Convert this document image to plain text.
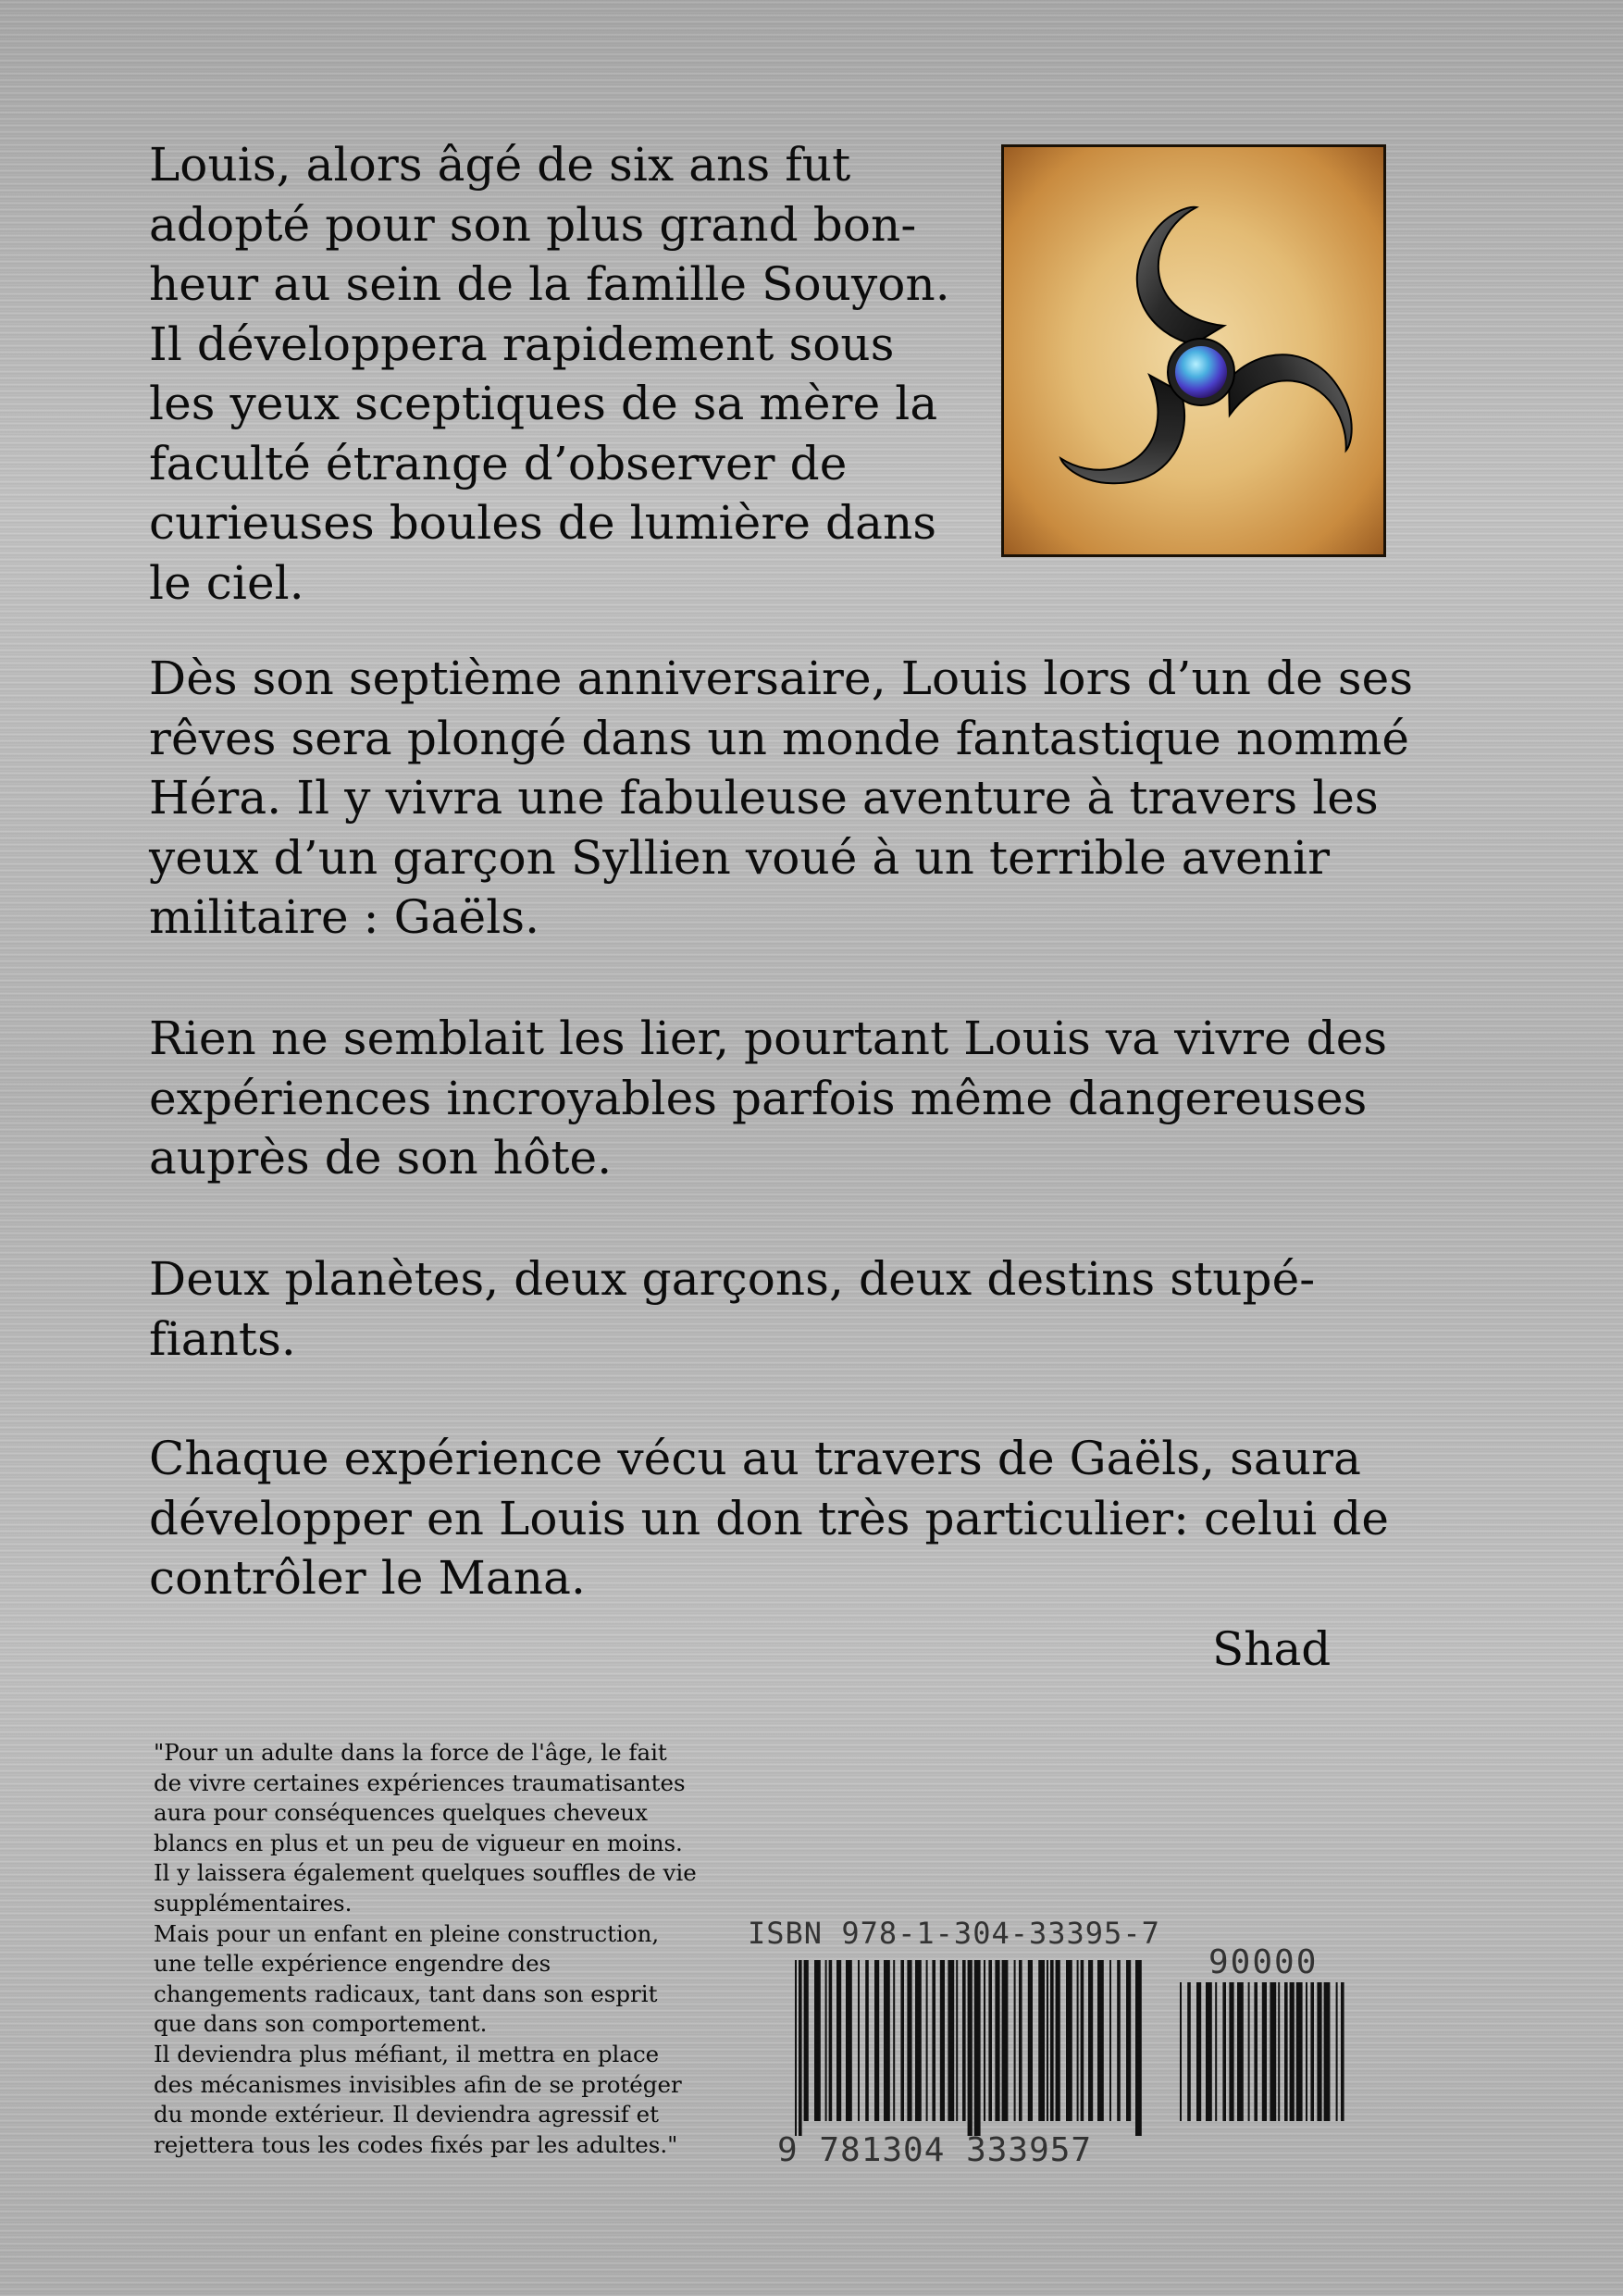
Louis, alors âgé de six ans fut
adopté pour son plus grand bon-
heur au sein de la famille Souyon.
Il développera rapidement sous
les yeux sceptiques de sa mère la
faculté étrange d’observer de
curieuses boules de lumière dans
le ciel.
Dès son septième anniversaire, Louis lors d’un de ses
rêves sera plongé dans un monde fantastique nommé
Héra. Il y vivra une fabuleuse aventure à travers les
yeux d’un garçon Syllien voué à un terrible avenir
militaire : Gaëls.
Rien ne semblait les lier, pourtant Louis va vivre des
expériences incroyables parfois même dangereuses
auprès de son hôte.
Deux planètes, deux garçons, deux destins stupé-
fiants.
Chaque expérience vécu au travers de Gaëls, saura
développer en Louis un don très particulier: celui de
contrôler le Mana.

Shad

"Pour un adulte dans la force de l'âge, le fait
de vivre certaines expériences traumatisantes
aura pour conséquences quelques cheveux
blancs en plus et un peu de vigueur en moins.
Il y laissera également quelques souffles de vie
supplémentaires.
Mais pour un enfant en pleine construction,
une telle expérience engendre des
changements radicaux, tant dans son esprit
que dans son comportement.
Il deviendra plus méfiant, il mettra en place
des mécanismes invisibles afin de se protéger
du monde extérieur. Il deviendra agressif et
rejettera tous les codes fixés par les adultes."
ISBN 978-1-304-33395-7
90000
9 781304 333957
